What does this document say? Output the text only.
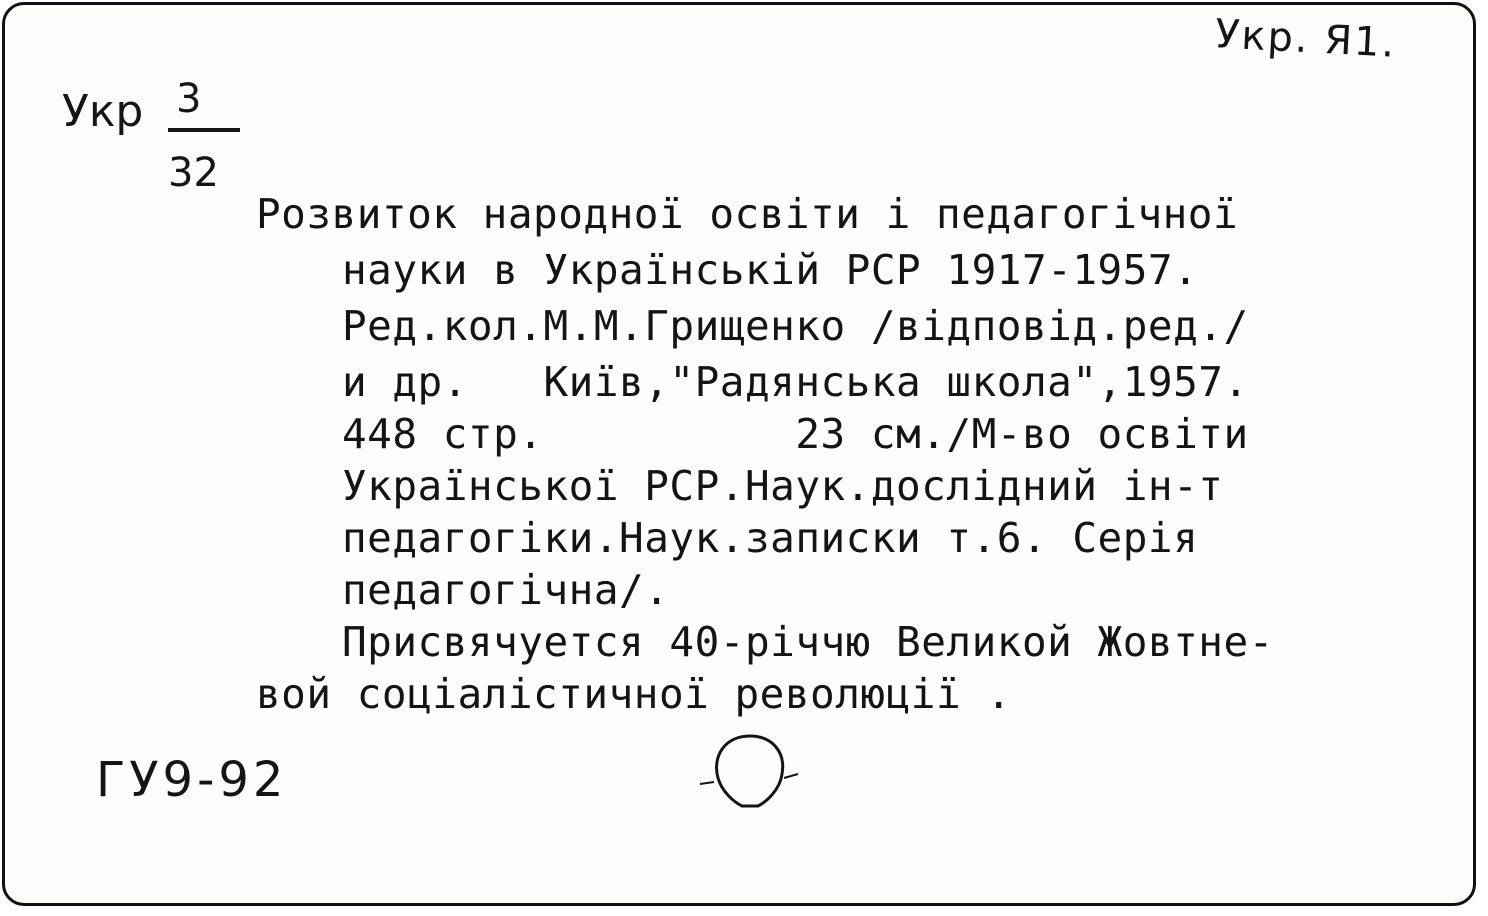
Укр. Я1.
Укр 3
32
Розвиток народної освіти і педагогічної
науки в Українській РСР 1917-1957.
Ред.кол.М.М.Грищенко /відповід.ред./
и др.   Київ,"Радянська школа",1957.
448 стр.          23 см./М-во освіти
Української РСР.Наук.дослідний ін-т
педагогіки.Наук.записки т.6. Серія
педагогічна/.
Присвячуется 40-річчю Великой Жовтне-
вой соціалістичної революції .
ГУ9-92
